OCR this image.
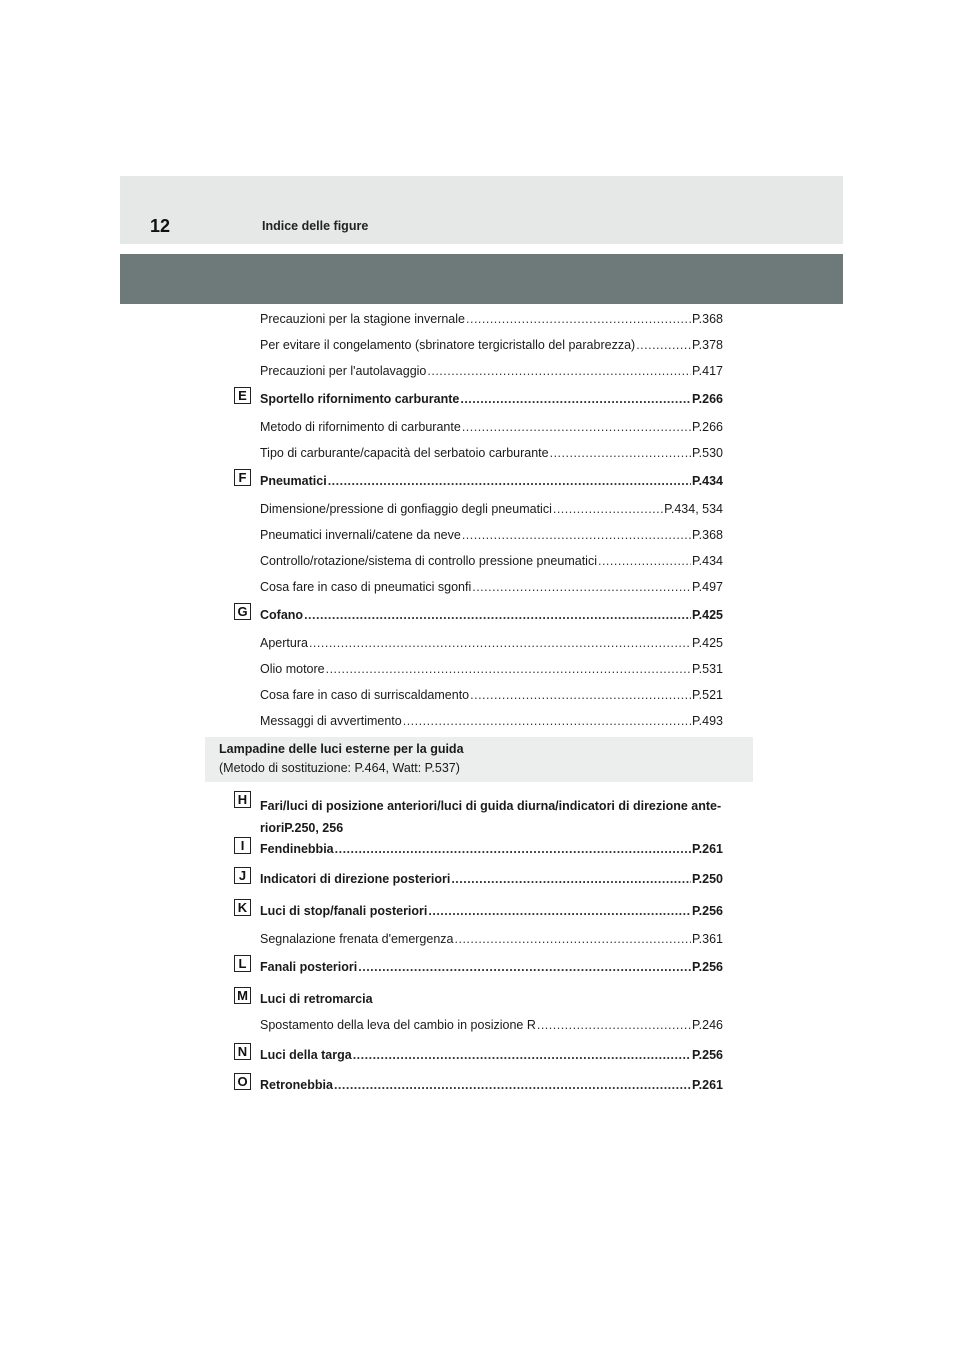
12	Indice delle figure
Lampadine delle luci esterne per la guida
(Metodo di sostituzione: P.464, Watt: P.537)
Precauzioni per la stagione invernale .....	P.368
Per evitare il congelamento (sbrinatore tergicristallo del parabrezza) .....	P.378
Precauzioni per l'autolavaggio .....	P.417
E	Sportello rifornimento carburante .....	P.266
Metodo di rifornimento di carburante .....	P.266
Tipo di carburante/capacità del serbatoio carburante .....	P.530
F	Pneumatici .....	P.434
Dimensione/pressione di gonfiaggio degli pneumatici .....	P.434, 534
Pneumatici invernali/catene da neve .....	P.368
Controllo/rotazione/sistema di controllo pressione pneumatici .....	P.434
Cosa fare in caso di pneumatici sgonfi .....	P.497
G Cofano .....	P.425
Apertura .....	P.425
Olio motore .....	P.531
Cosa fare in caso di surriscaldamento .....	P.521
Messaggi di avvertimento .....	P.493
H	Fari/luci di posizione anteriori/luci di guida diurna/indicatori di direzione ante-rioriP.250, 256
I	Fendinebbia .....	P.261
J	Indicatori di direzione posteriori .....	P.250
K	Luci di stop/fanali posteriori .....	P.256
Segnalazione frenata d'emergenza .....	P.361
L	Fanali posteriori .....	P.256
M Luci di retromarcia
Spostamento della leva del cambio in posizione R .....	P.246
N	Luci della targa .....	P.256
O Retronebbia .....	P.261
